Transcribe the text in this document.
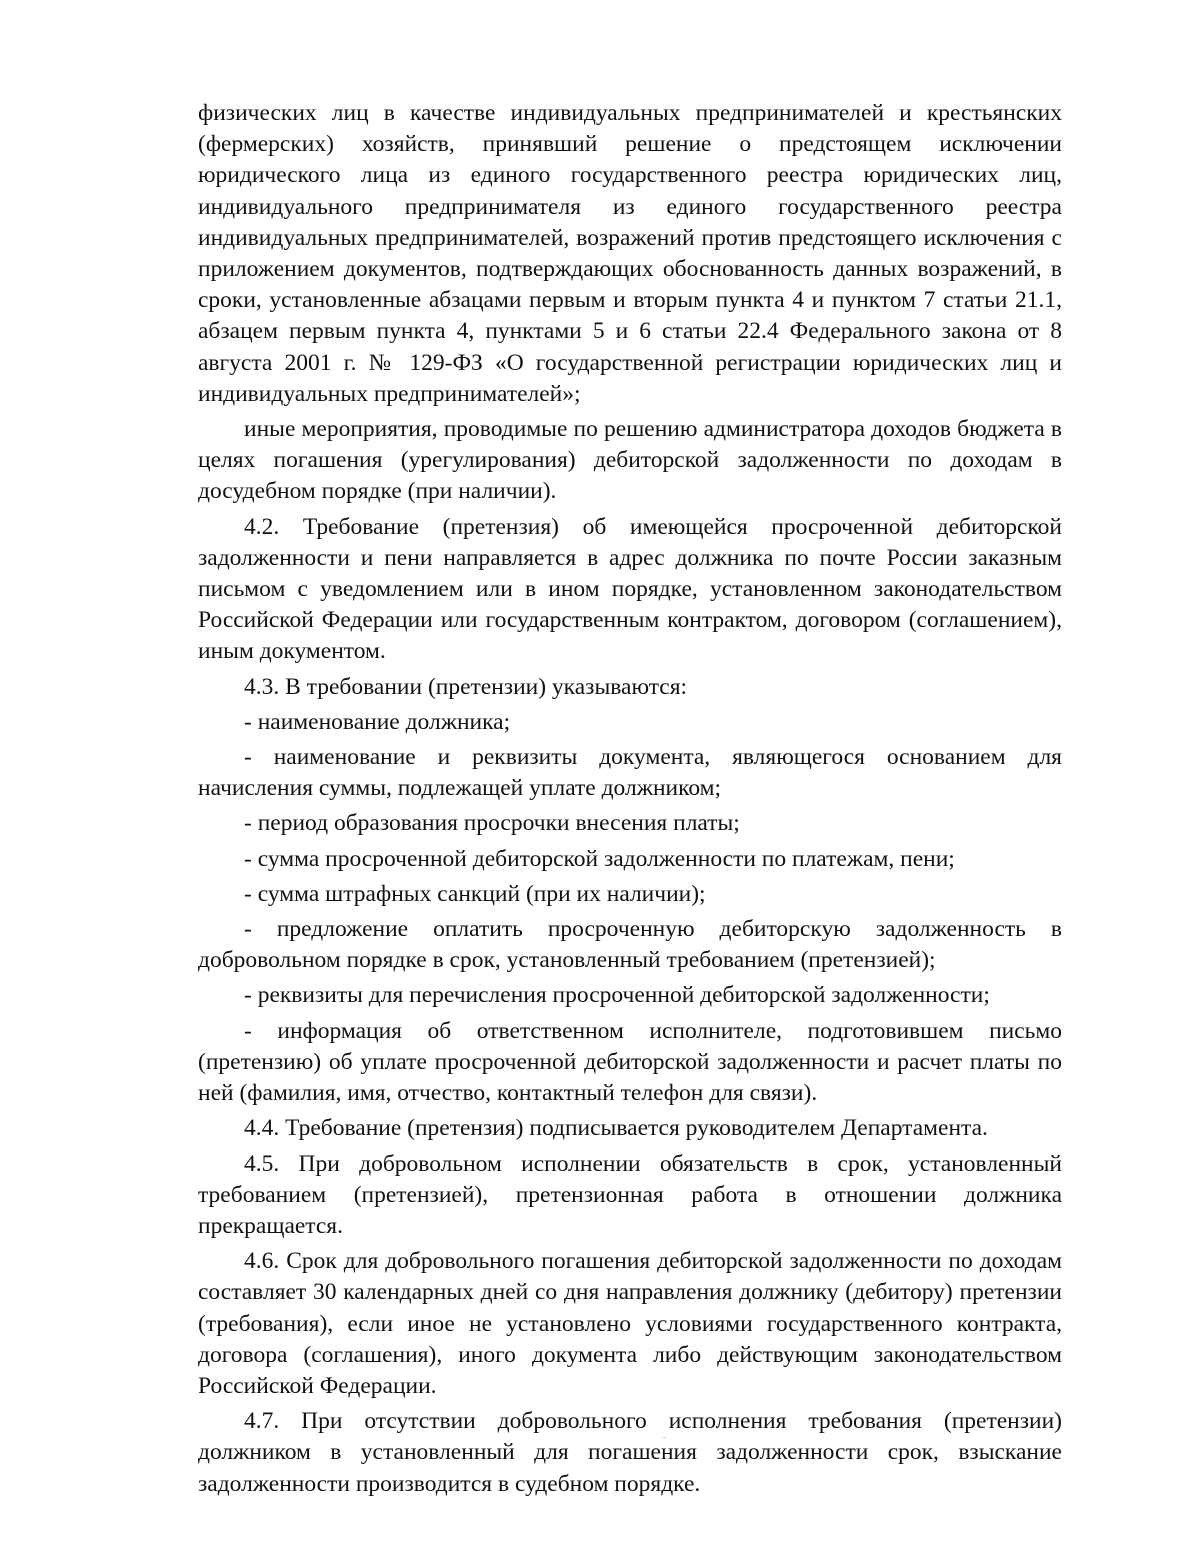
физических лиц в качестве индивидуальных предпринимателей и крестьянских (фермерских) хозяйств, принявший решение о предстоящем исключении юридического лица из единого государственного реестра юридических лиц, индивидуального предпринимателя из единого государственного реестра индивидуальных предпринимателей, возражений против предстоящего исключения с приложением документов, подтверждающих обоснованность данных возражений, в сроки, установленные абзацами первым и вторым пункта 4 и пунктом 7 статьи 21.1, абзацем первым пункта 4, пунктами 5 и 6 статьи 22.4 Федерального закона от 8 августа 2001 г. № 129-ФЗ «О государственной регистрации юридических лиц и индивидуальных предпринимателей»;

иные мероприятия, проводимые по решению администратора доходов бюджета в целях погашения (урегулирования) дебиторской задолженности по доходам в досудебном порядке (при наличии).

4.2. Требование (претензия) об имеющейся просроченной дебиторской задолженности и пени направляется в адрес должника по почте России заказным письмом с уведомлением или в ином порядке, установленном законодательством Российской Федерации или государственным контрактом, договором (соглашением), иным документом.

4.3. В требовании (претензии) указываются:

- наименование должника;

- наименование и реквизиты документа, являющегося основанием для начисления суммы, подлежащей уплате должником;

- период образования просрочки внесения платы;

- сумма просроченной дебиторской задолженности по платежам, пени;

- сумма штрафных санкций (при их наличии);

- предложение оплатить просроченную дебиторскую задолженность в добровольном порядке в срок, установленный требованием (претензией);

- реквизиты для перечисления просроченной дебиторской задолженности;

- информация об ответственном исполнителе, подготовившем письмо (претензию) об уплате просроченной дебиторской задолженности и расчет платы по ней (фамилия, имя, отчество, контактный телефон для связи).

4.4. Требование (претензия) подписывается руководителем Департамента.

4.5. При добровольном исполнении обязательств в срок, установленный требованием (претензией), претензионная работа в отношении должника прекращается.

4.6. Срок для добровольного погашения дебиторской задолженности по доходам составляет 30 календарных дней со дня направления должнику (дебитору) претензии (требования), если иное не установлено условиями государственного контракта, договора (соглашения), иного документа либо действующим законодательством Российской Федерации.

4.7. При отсутствии добровольного исполнения требования (претензии) должником в установленный для погашения задолженности срок, взыскание задолженности производится в судебном порядке.
